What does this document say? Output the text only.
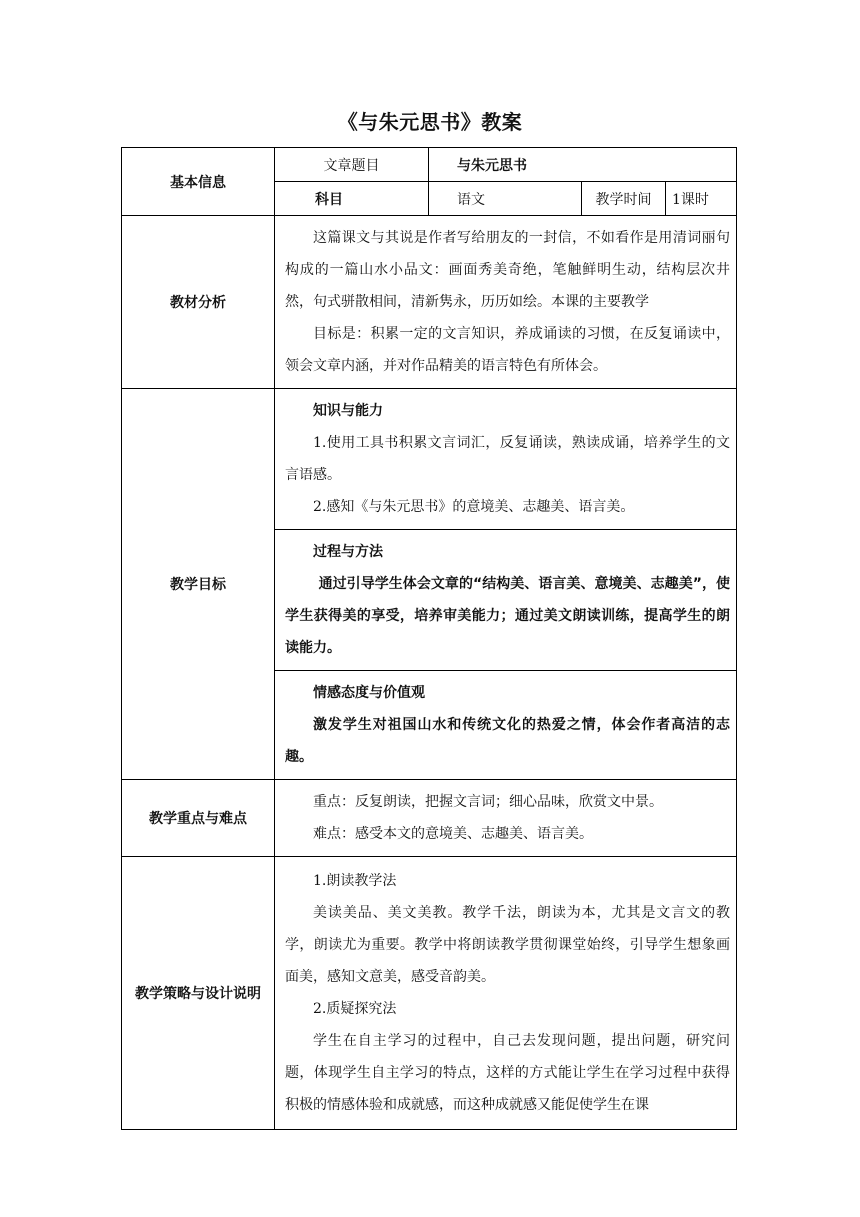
《与朱元思书》教案
基本信息	文章题目	与朱元思书		
	科目	语文	教学时间	1课时
教材分析	这篇课文与其说是作者写给朋友的一封信，不如看作是用清词丽句构成的一篇山水小品文：画面秀美奇绝，笔触鲜明生动，结构层次井然，句式骈散相间，清新隽永，历历如绘。本课的主要教学

目标是：积累一定的文言知识，养成诵读的习惯，在反复诵读中，领会文章内涵，并对作品精美的语言特色有所体会。			

教学目标	知识与能力

1.使用工具书积累文言词汇，反复诵读，熟读成诵，培养学生的文言语感。

2.感知《与朱元思书》的意境美、志趣美、语言美。			

	过程与方法

通过引导学生体会文章的“结构美、语言美、意境美、志趣美”，使学生获得美的享受，培养审美能力；通过美文朗读训练，提高学生的朗读能力。			

	情感态度与价值观

激发学生对祖国山水和传统文化的热爱之情，体会作者高洁的志趣。			

教学重点与难点	重点：反复朗读，把握文言词；细心品味，欣赏文中景。

难点：感受本文的意境美、志趣美、语言美。			

教学策略与设计说明	1.朗读教学法

美读美品、美文美教。教学千法，朗读为本，尤其是文言文的教学，朗读尤为重要。教学中将朗读教学贯彻课堂始终，引导学生想象画面美，感知文意美，感受音韵美。

2.质疑探究法

学生在自主学习的过程中，自己去发现问题，提出问题，研究问题，体现学生自主学习的特点，这样的方式能让学生在学习过程中获得积极的情感体验和成就感，而这种成就感又能促使学生在课			
